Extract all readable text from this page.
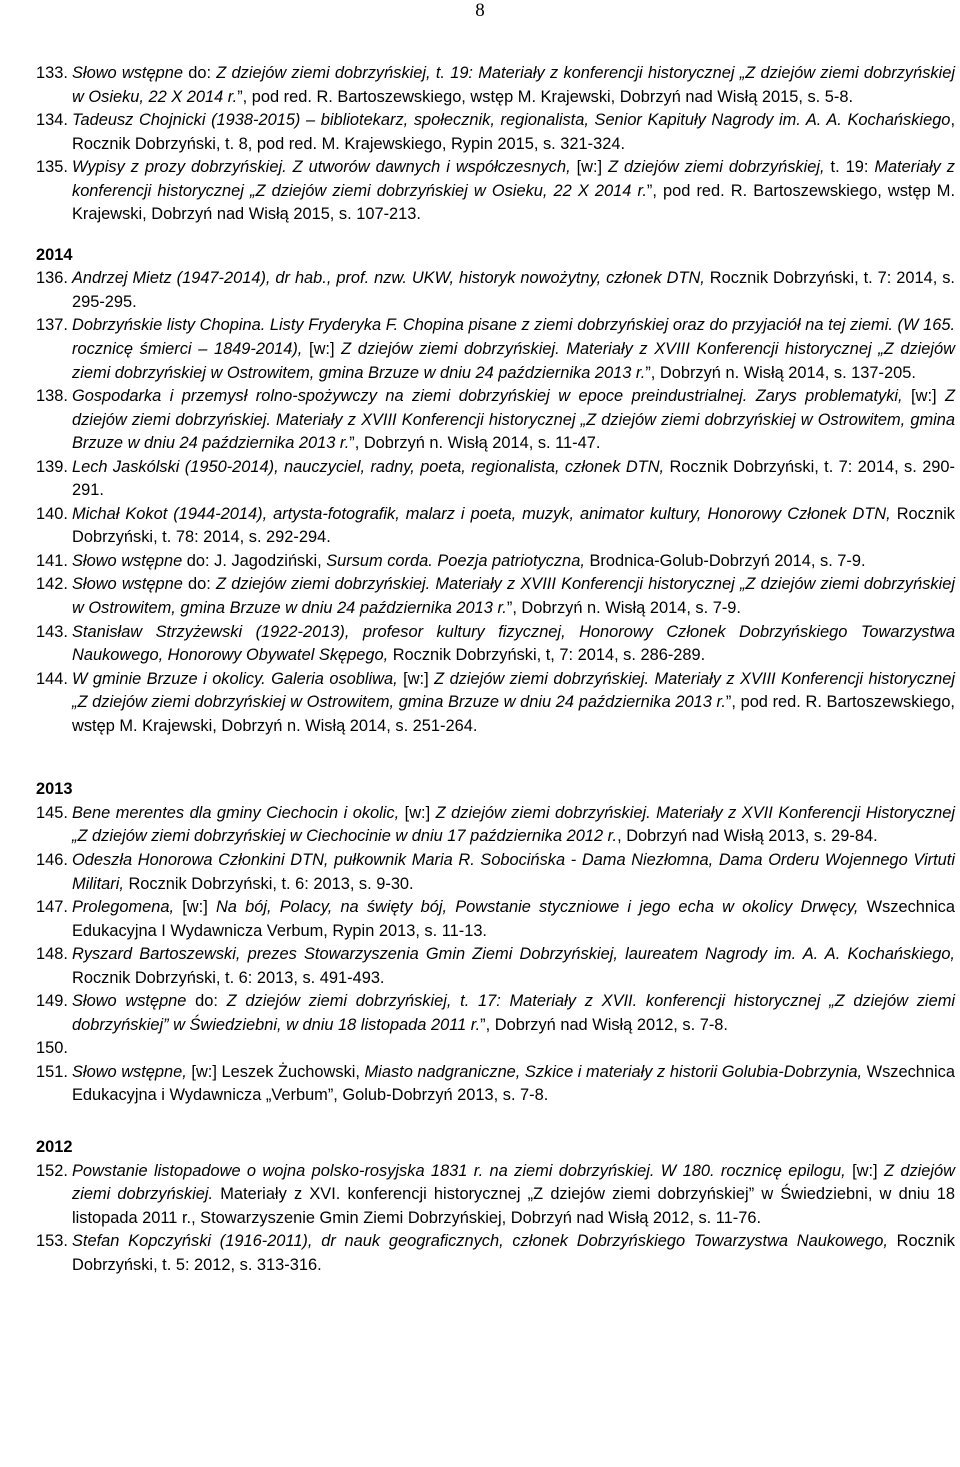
8
133. Słowo wstępne do: Z dziejów ziemi dobrzyńskiej, t. 19: Materiały z konferencji historycznej „Z dziejów ziemi dobrzyńskiej w Osieku, 22 X 2014 r.”, pod red. R. Bartoszewskiego, wstęp M. Krajewski, Dobrzyń nad Wisłą 2015, s. 5-8.
134. Tadeusz Chojnicki (1938-2015) – bibliotekarz, społecznik, regionalista, Senior Kapituły Nagrody im. A. A. Kochańskiego, Rocznik Dobrzyński, t. 8, pod red. M. Krajewskiego, Rypin 2015, s. 321-324.
135. Wypisy z prozy dobrzyńskiej. Z utworów dawnych i współczesnych, [w:] Z dziejów ziemi dobrzyńskiej, t. 19: Materiały z konferencji historycznej „Z dziejów ziemi dobrzyńskiej w Osieku, 22 X 2014 r.”, pod red. R. Bartoszewskiego, wstęp M. Krajewski, Dobrzyń nad Wisłą 2015, s. 107-213.
2014
136. Andrzej Mietz (1947-2014), dr hab., prof. nzw. UKW, historyk nowożytny, członek DTN, Rocznik Dobrzyński, t. 7: 2014, s. 295-295.
137. Dobrzyńskie listy Chopina. Listy Fryderyka F. Chopina pisane z ziemi dobrzyńskiej oraz do przyjaciół na tej ziemi. (W 165. rocznicę śmierci – 1849-2014), [w:] Z dziejów ziemi dobrzyńskiej. Materiały z XVIII Konferencji historycznej „Z dziejów ziemi dobrzyńskiej w Ostrowitem, gmina Brzuze w dniu 24 października 2013 r.”, Dobrzyń n. Wisłą 2014, s. 137-205.
138. Gospodarka i przemysł rolno-spożywczy na ziemi dobrzyńskiej w epoce preindustrialnej. Zarys problematyki, [w:] Z dziejów ziemi dobrzyńskiej. Materiały z XVIII Konferencji historycznej „Z dziejów ziemi dobrzyńskiej w Ostrowitem, gmina Brzuze w dniu 24 października 2013 r.”, Dobrzyń n. Wisłą 2014, s. 11-47.
139. Lech Jaskólski (1950-2014), nauczyciel, radny, poeta, regionalista, członek DTN, Rocznik Dobrzyński, t. 7: 2014, s. 290-291.
140. Michał Kokot (1944-2014), artysta-fotografik, malarz i poeta, muzyk, animator kultury, Honorowy Członek DTN, Rocznik Dobrzyński, t. 78: 2014, s. 292-294.
141. Słowo wstępne do: J. Jagodziński, Sursum corda. Poezja patriotyczna, Brodnica-Golub-Dobrzyń 2014, s. 7-9.
142. Słowo wstępne do: Z dziejów ziemi dobrzyńskiej. Materiały z XVIII Konferencji historycznej „Z dziejów ziemi dobrzyńskiej w Ostrowitem, gmina Brzuze w dniu 24 października 2013 r.”, Dobrzyń n. Wisłą 2014, s. 7-9.
143. Stanisław Strzyżewski (1922-2013), profesor kultury fizycznej, Honorowy Członek Dobrzyńskiego Towarzystwa Naukowego, Honorowy Obywatel Skępego, Rocznik Dobrzyński, t, 7: 2014, s. 286-289.
144. W gminie Brzuze i okolicy. Galeria osobliwa, [w:] Z dziejów ziemi dobrzyńskiej. Materiały z XVIII Konferencji historycznej „Z dziejów ziemi dobrzyńskiej w Ostrowitem, gmina Brzuze w dniu 24 października 2013 r.”, pod red. R. Bartoszewskiego, wstęp M. Krajewski, Dobrzyń n. Wisłą 2014, s. 251-264.
2013
145. Bene merentes dla gminy Ciechocin i okolic, [w:] Z dziejów ziemi dobrzyńskiej. Materiały z XVII Konferencji Historycznej „Z dziejów ziemi dobrzyńskiej w Ciechocinie w dniu 17 października 2012 r., Dobrzyń nad Wisłą 2013, s. 29-84.
146. Odeszła Honorowa Członkini DTN, pułkownik Maria R. Sobocińska - Dama Niezłomna, Dama Orderu Wojennego Virtuti Militari, Rocznik Dobrzyński, t. 6: 2013, s. 9-30.
147. Prolegomena, [w:] Na bój, Polacy, na święty bój, Powstanie styczniowe i jego echa w okolicy Drwęcy, Wszechnica Edukacyjna I Wydawnicza Verbum, Rypin 2013, s. 11-13.
148. Ryszard Bartoszewski, prezes Stowarzyszenia Gmin Ziemi Dobrzyńskiej, laureatem Nagrody im. A. A. Kochańskiego, Rocznik Dobrzyński, t. 6: 2013, s. 491-493.
149. Słowo wstępne do: Z dziejów ziemi dobrzyńskiej, t. 17: Materiały z XVII. konferencji historycznej „Z dziejów ziemi dobrzyńskiej” w Świedziebni, w dniu 18 listopada 2011 r.”, Dobrzyń nad Wisłą 2012, s. 7-8.
150.
151. Słowo wstępne, [w:] Leszek Żuchowski, Miasto nadgraniczne, Szkice i materiały z historii Golubia-Dobrzynia, Wszechnica Edukacyjna i Wydawnicza „Verbum”, Golub-Dobrzyń 2013, s. 7-8.
2012
152. Powstanie listopadowe o wojna polsko-rosyjska 1831 r. na ziemi dobrzyńskiej. W 180. rocznicę epilogu, [w:] Z dziejów ziemi dobrzyńskiej. Materiały z XVI. konferencji historycznej „Z dziejów ziemi dobrzyńskiej” w Świedziebni, w dniu 18 listopada 2011 r., Stowarzyszenie Gmin Ziemi Dobrzyńskiej, Dobrzyń nad Wisłą 2012, s. 11-76.
153. Stefan Kopczyński (1916-2011), dr nauk geograficznych, członek Dobrzyńskiego Towarzystwa Naukowego, Rocznik Dobrzyński, t. 5: 2012, s. 313-316.
